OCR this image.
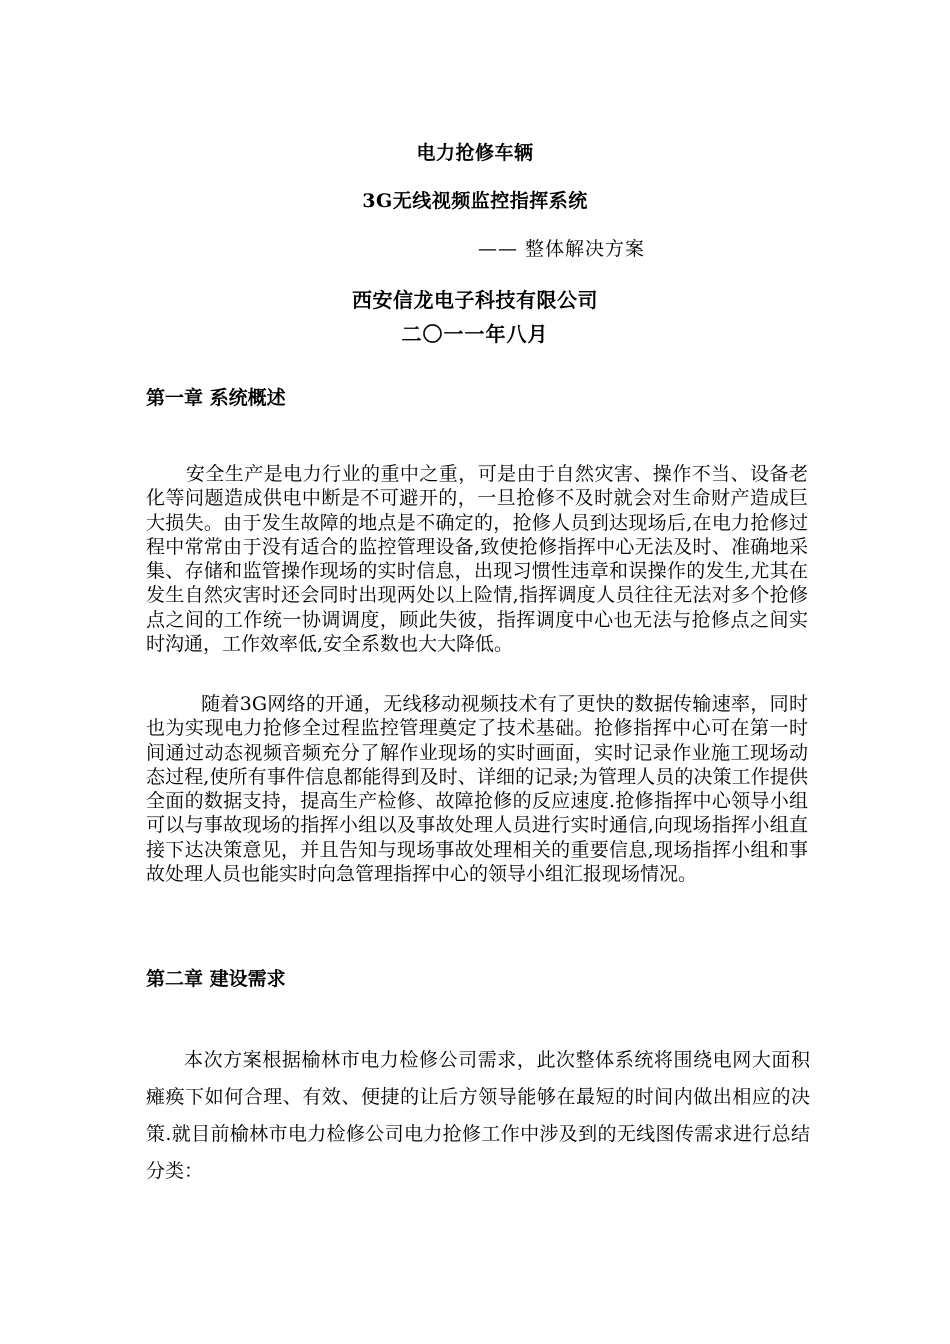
电力抢修车辆
3G无线视频监控指挥系统
—— 整体解决方案
西安信龙电子科技有限公司
二〇一一年八月
第一章 系统概述

安全生产是电力行业的重中之重，可是由于自然灾害、操作不当、设备老化等问题造成供电中断是不可避开的，一旦抢修不及时就会对生命财产造成巨大损失。由于发生故障的地点是不确定的，抢修人员到达现场后,在电力抢修过程中常常由于没有适合的监控管理设备,致使抢修指挥中心无法及时、准确地采集、存储和监管操作现场的实时信息，出现习惯性违章和误操作的发生,尤其在发生自然灾害时还会同时出现两处以上险情,指挥调度人员往往无法对多个抢修点之间的工作统一协调调度，顾此失彼，指挥调度中心也无法与抢修点之间实时沟通，工作效率低,安全系数也大大降低。

随着3G网络的开通，无线移动视频技术有了更快的数据传输速率，同时也为实现电力抢修全过程监控管理奠定了技术基础。抢修指挥中心可在第一时间通过动态视频音频充分了解作业现场的实时画面，实时记录作业施工现场动态过程,使所有事件信息都能得到及时、详细的记录;为管理人员的决策工作提供全面的数据支持，提高生产检修、故障抢修的反应速度.抢修指挥中心领导小组可以与事故现场的指挥小组以及事故处理人员进行实时通信,向现场指挥小组直接下达决策意见，并且告知与现场事故处理相关的重要信息,现场指挥小组和事故处理人员也能实时向急管理指挥中心的领导小组汇报现场情况。

第二章 建设需求

本次方案根据榆林市电力检修公司需求，此次整体系统将围绕电网大面积瘫痪下如何合理、有效、便捷的让后方领导能够在最短的时间内做出相应的决策.就目前榆林市电力检修公司电力抢修工作中涉及到的无线图传需求进行总结分类：
